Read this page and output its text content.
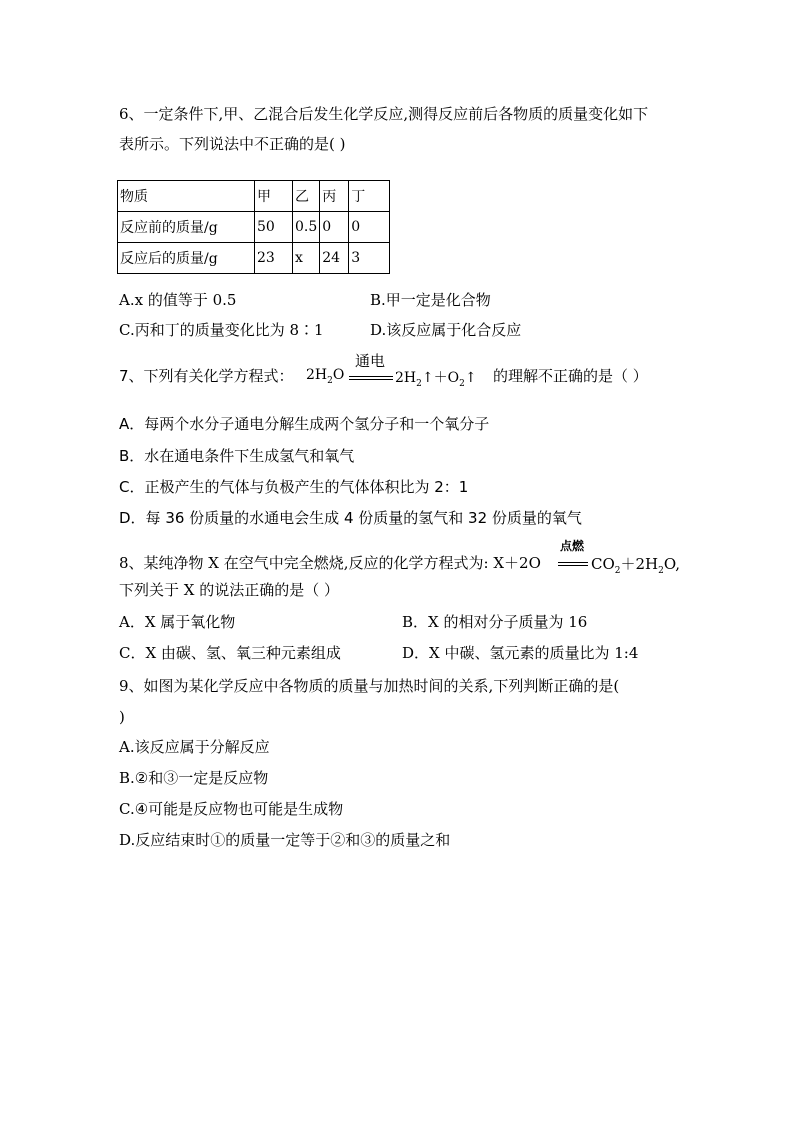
6、一定条件下,甲、乙混合后发生化学反应,测得反应前后各物质的质量变化如下
表所示。下列说法中不正确的是( )
物质	甲	乙	丙	丁
反应前的质量/g	50	0.5	0	0
反应后的质量/g	23	x	24	3
A.x 的值等于 0.5	B.甲一定是化合物
C.丙和丁的质量变化比为 8∶1	D.该反应属于化合反应
7、下列有关化学方程式：
通电
$2H_2O$	$2H_2↑+O_2↑$ 的理解不正确的是（ ）
A．每两个水分子通电分解生成两个氢分子和一个氧分子
B．水在通电条件下生成氢气和氧气
C．正极产生的气体与负极产生的气体体积比为 2：1
D．每 36 份质量的水通电会生成 4 份质量的氢气和 32 份质量的氧气
8、某纯净物 X 在空气中完全燃烧,反应的化学方程式为: X＋2O
点燃
$CO_2+2H_2O$,
下列关于 X 的说法正确的是（ ）
A．X 属于氧化物	B．X 的相对分子质量为 16
C．X 由碳、氢、氧三种元素组成	D．X 中碳、氢元素的质量比为 1:4
9、如图为某化学反应中各物质的质量与加热时间的关系,下列判断正确的是(
)
A.该反应属于分解反应
B.②和③一定是反应物
C.④可能是反应物也可能是生成物
D.反应结束时①的质量一定等于②和③的质量之和
